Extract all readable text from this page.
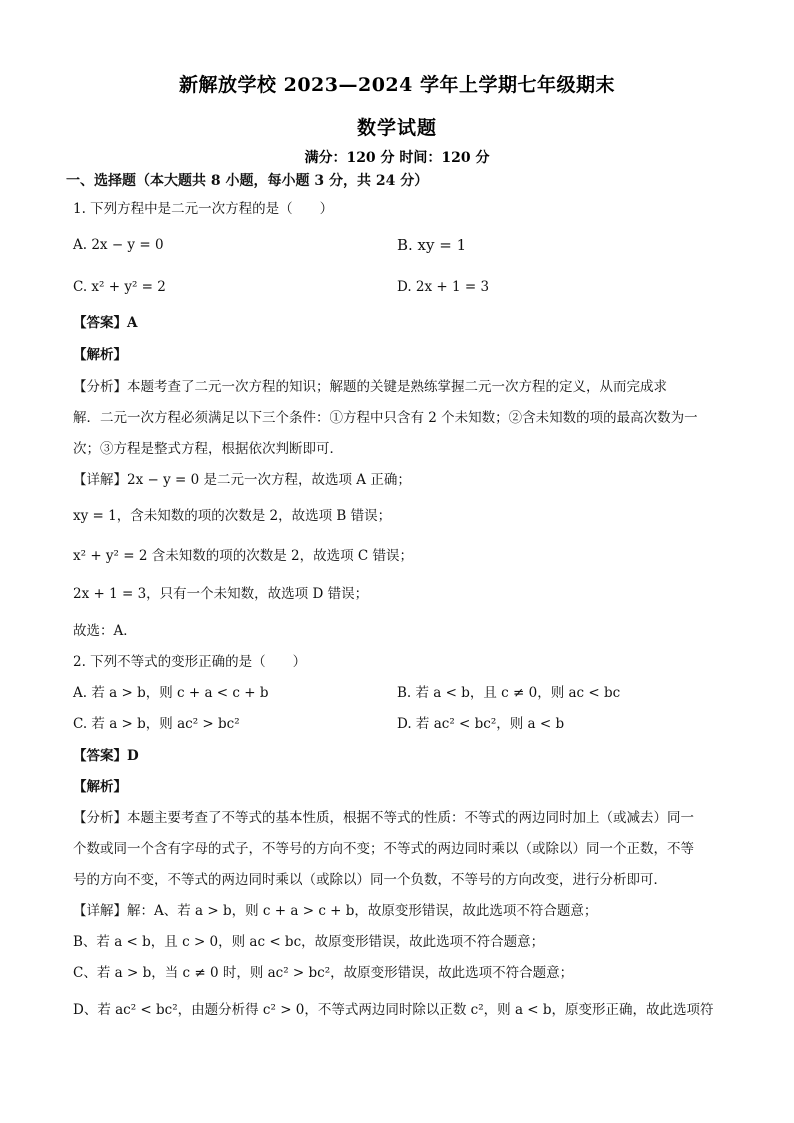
新解放学校 2023—2024 学年上学期七年级期末
数学试题
满分：120 分 时间：120 分
一、选择题（本大题共 8 小题，每小题 3 分，共 24 分）
1. 下列方程中是二元一次方程的是（　　）
A. 2x − y = 0	B. xy = 1
C. x² + y² = 2	D. 2x + 1 = 3
【答案】A
【解析】
【分析】本题考查了二元一次方程的知识；解题的关键是熟练掌握二元一次方程的定义，从而完成求
解．二元一次方程必须满足以下三个条件：①方程中只含有 2 个未知数；②含未知数的项的最高次数为一
次；③方程是整式方程，根据依次判断即可．
【详解】2x − y = 0 是二元一次方程，故选项 A 正确；
xy = 1，含未知数的项的次数是 2，故选项 B 错误；
x² + y² = 2 含未知数的项的次数是 2，故选项 C 错误；
2x + 1 = 3，只有一个未知数，故选项 D 错误；
故选：A．
2. 下列不等式的变形正确的是（　　）
A. 若 a > b，则 c + a < c + b	B. 若 a < b，且 c ≠ 0，则 ac < bc
C. 若 a > b，则 ac² > bc²	D. 若 ac² < bc²，则 a < b
【答案】D
【解析】
【分析】本题主要考查了不等式的基本性质，根据不等式的性质：不等式的两边同时加上（或减去）同一
个数或同一个含有字母的式子，不等号的方向不变；不等式的两边同时乘以（或除以）同一个正数，不等
号的方向不变，不等式的两边同时乘以（或除以）同一个负数，不等号的方向改变，进行分析即可．
【详解】解：A、若 a > b，则 c + a > c + b，故原变形错误，故此选项不符合题意；
B、若 a < b，且 c > 0，则 ac < bc，故原变形错误，故此选项不符合题意；
C、若 a > b，当 c ≠ 0 时，则 ac² > bc²，故原变形错误，故此选项不符合题意；
D、若 ac² < bc²，由题分析得 c² > 0，不等式两边同时除以正数 c²，则 a < b，原变形正确，故此选项符
